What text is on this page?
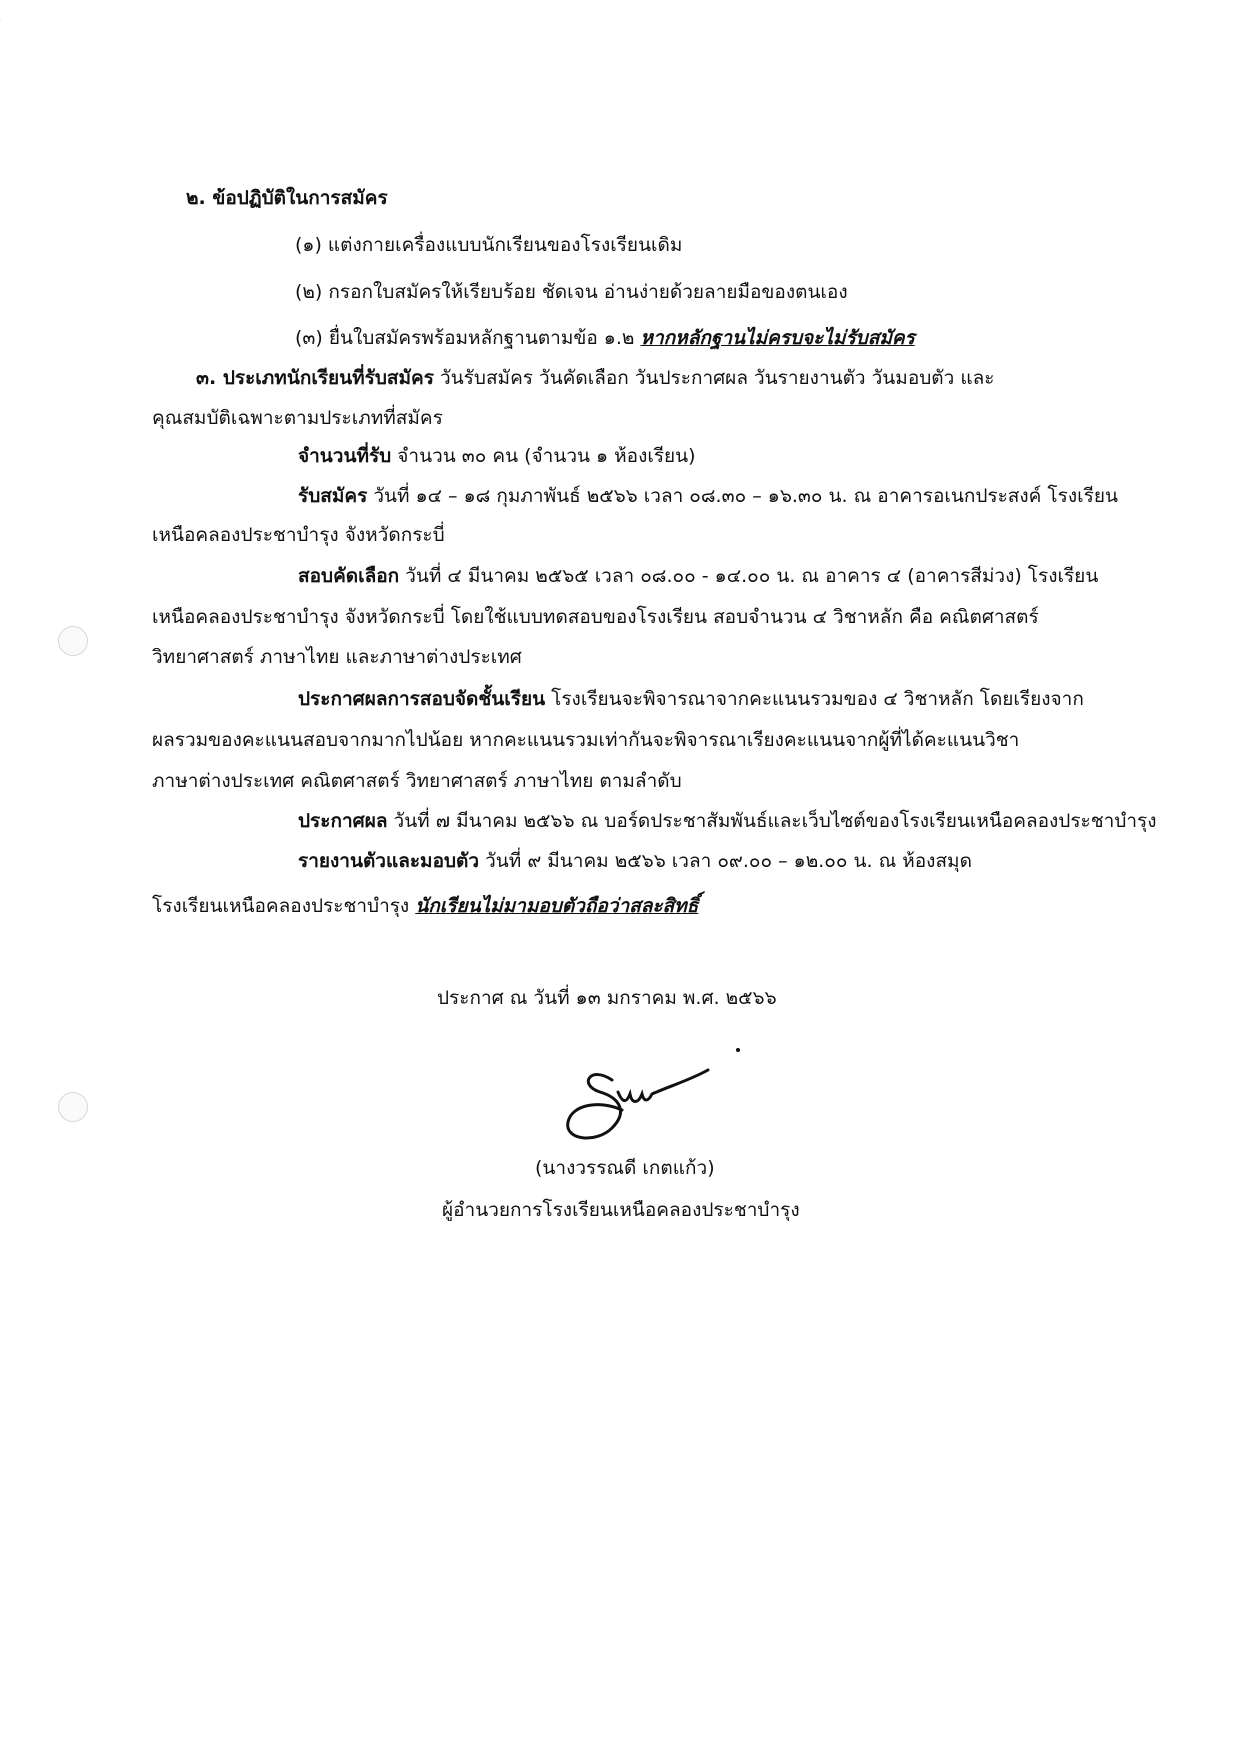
๒. ข้อปฏิบัติในการสมัคร
(๑) แต่งกายเครื่องแบบนักเรียนของโรงเรียนเดิม
(๒) กรอกใบสมัครให้เรียบร้อย ชัดเจน อ่านง่ายด้วยลายมือของตนเอง
(๓) ยื่นใบสมัครพร้อมหลักฐานตามข้อ ๑.๒ หากหลักฐานไม่ครบจะไม่รับสมัคร
๓. ประเภทนักเรียนที่รับสมัคร วันรับสมัคร วันคัดเลือก วันประกาศผล วันรายงานตัว วันมอบตัว และ
คุณสมบัติเฉพาะตามประเภทที่สมัคร
จำนวนที่รับ จำนวน ๓๐ คน (จำนวน ๑ ห้องเรียน)
รับสมัคร วันที่ ๑๔ – ๑๘ กุมภาพันธ์ ๒๕๖๖ เวลา ๐๘.๓๐ – ๑๖.๓๐ น. ณ อาคารอเนกประสงค์ โรงเรียน
เหนือคลองประชาบำรุง จังหวัดกระบี่
สอบคัดเลือก วันที่ ๔ มีนาคม ๒๕๖๕ เวลา ๐๘.๐๐ - ๑๔.๐๐ น. ณ อาคาร ๔ (อาคารสีม่วง) โรงเรียน
เหนือคลองประชาบำรุง จังหวัดกระบี่ โดยใช้แบบทดสอบของโรงเรียน สอบจำนวน ๔ วิชาหลัก คือ คณิตศาสตร์
วิทยาศาสตร์ ภาษาไทย และภาษาต่างประเทศ
ประกาศผลการสอบจัดชั้นเรียน โรงเรียนจะพิจารณาจากคะแนนรวมของ ๔ วิชาหลัก โดยเรียงจาก
ผลรวมของคะแนนสอบจากมากไปน้อย หากคะแนนรวมเท่ากันจะพิจารณาเรียงคะแนนจากผู้ที่ได้คะแนนวิชา
ภาษาต่างประเทศ คณิตศาสตร์ วิทยาศาสตร์ ภาษาไทย ตามลำดับ
ประกาศผล วันที่ ๗ มีนาคม ๒๕๖๖ ณ บอร์ดประชาสัมพันธ์และเว็บไซต์ของโรงเรียนเหนือคลองประชาบำรุง
รายงานตัวและมอบตัว วันที่ ๙ มีนาคม ๒๕๖๖ เวลา ๐๙.๐๐ – ๑๒.๐๐ น. ณ ห้องสมุด
โรงเรียนเหนือคลองประชาบำรุง นักเรียนไม่มามอบตัวถือว่าสละสิทธิ์
ประกาศ ณ วันที่ ๑๓ มกราคม พ.ศ. ๒๕๖๖
(นางวรรณดี เกตแก้ว)
ผู้อำนวยการโรงเรียนเหนือคลองประชาบำรุง
